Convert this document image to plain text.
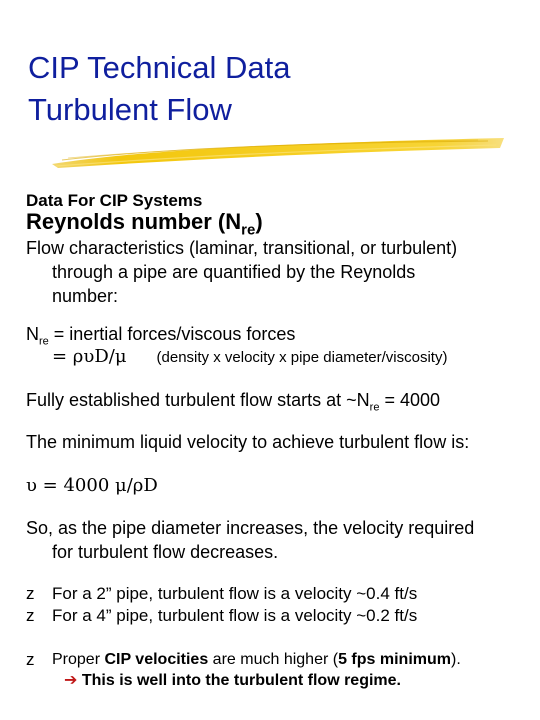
CIP Technical Data
Turbulent Flow
Data For CIP Systems
Reynolds number $(N_{re})$
Flow characteristics (laminar, transitional, or turbulent)
through a pipe are quantified by the Reynolds
number:
$N_{re}$ = inertial forces/viscous forces
= ρυD/μ (density x velocity x pipe diameter/viscosity)
Fully established turbulent flow starts at $\sim N_{re} = 4000$
The minimum liquid velocity to achieve turbulent flow is:
υ = 4000 μ/ρD
So, as the pipe diameter increases, the velocity required
for turbulent flow decreases.
z For a 2” pipe, turbulent flow is a velocity ~0.4 ft/s
z For a 4” pipe, turbulent flow is a velocity ~0.2 ft/s
z Proper CIP velocities are much higher (5 fps minimum).
➔ This is well into the turbulent flow regime.
